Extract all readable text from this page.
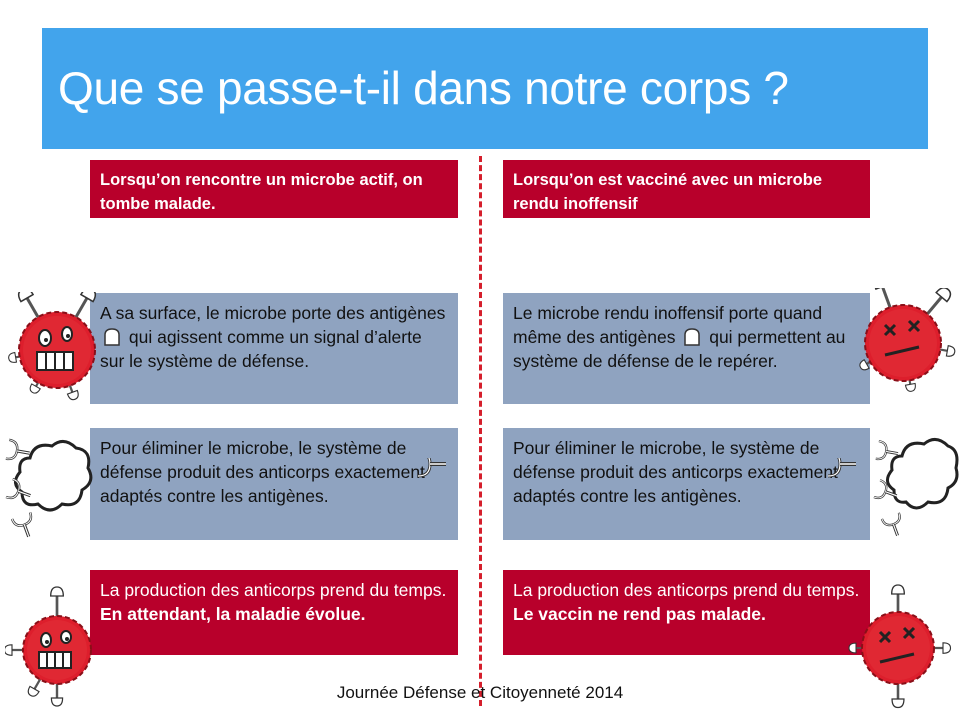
Que se passe-t-il dans notre corps ?
Lorsqu’on rencontre un microbe actif, on tombe malade.
Lorsqu’on est vacciné avec un microbe rendu inoffensif
A sa surface, le microbe porte des antigènes
qui agissent comme un signal d’alerte sur le système de défense.
Le microbe rendu inoffensif porte quand même des antigènes qui permettent au système de défense de le repérer.
Pour éliminer le microbe, le système de défense produit des anticorps exactement adaptés contre les antigènes.
Pour éliminer le microbe, le système de défense produit des anticorps exactement adaptés contre les antigènes.
La production des anticorps prend du temps. En attendant, la maladie évolue.
La production des anticorps prend du temps. Le vaccin ne rend pas malade.
Journée Défense et Citoyenneté 2014
